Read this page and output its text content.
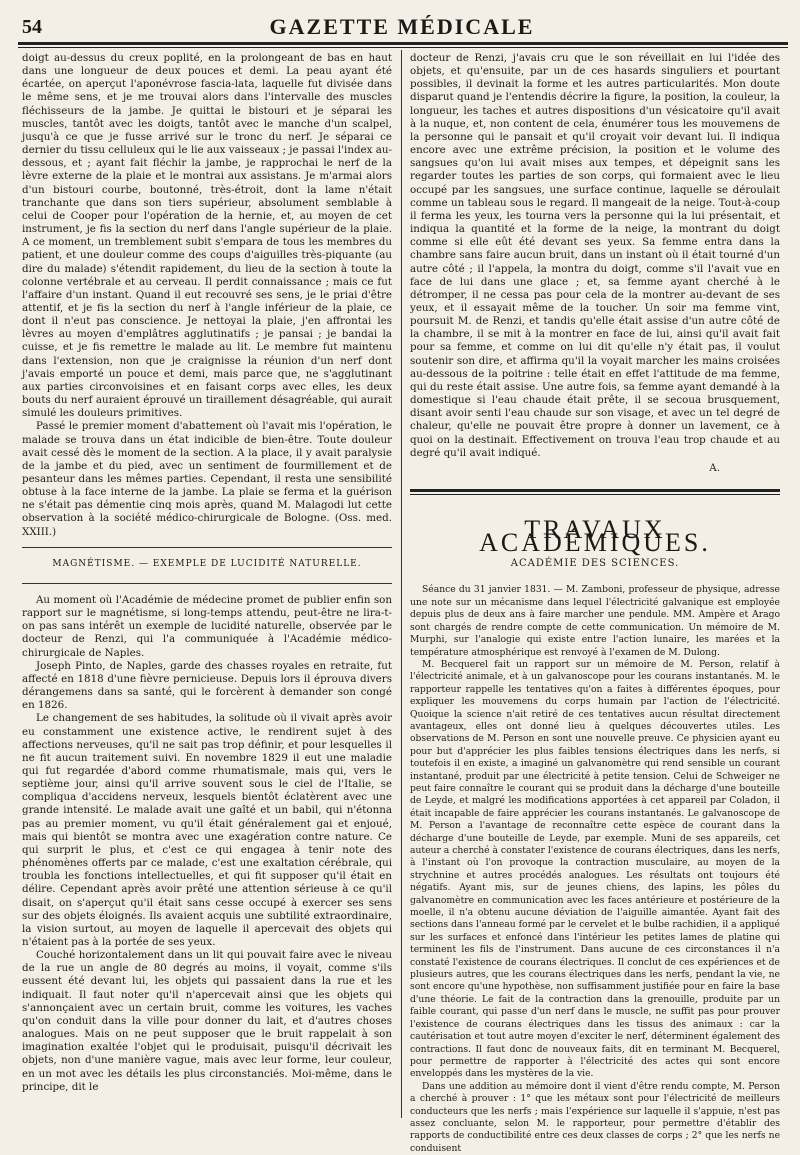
54	GAZETTE MÉDICALE

doigt au-dessus du creux poplité, en la prolongeant de bas en haut dans une longueur de deux pouces et demi. La peau ayant été écartée, on aperçut l'aponévrose fascia-lata, laquelle fut divisée dans le même sens, et je me trouvai alors dans l'intervalle des muscles fléchisseurs de la jambe. Je quittai le bistouri et je séparai les muscles, tantôt avec les doigts, tantôt avec le manche d'un scalpel, jusqu'à ce que je fusse arrivé sur le tronc du nerf. Je séparai ce dernier du tissu celluleux qui le lie aux vaisseaux ; je passai l'index au-dessous, et ; ayant fait fléchir la jambe, je rapprochai le nerf de la lèvre externe de la plaie et le montrai aux assistans. Je m'armai alors d'un bistouri courbe, boutonné, très-étroit, dont la lame n'était tranchante que dans son tiers supérieur, absolument semblable à celui de Cooper pour l'opération de la hernie, et, au moyen de cet instrument, je fis la section du nerf dans l'angle supérieur de la plaie. A ce moment, un tremblement subit s'empara de tous les membres du patient, et une douleur comme des coups d'aiguilles très-piquante (au dire du malade) s'étendit rapidement, du lieu de la section à toute la colonne vertébrale et au cerveau. Il perdit connaissance ; mais ce fut l'affaire d'un instant. Quand il eut recouvré ses sens, je le priai d'être attentif, et je fis la section du nerf à l'angle inférieur de la plaie, ce dont il n'eut pas conscience. Je nettoyai la plaie, j'en affrontai les lèvres au moyen d'emplâtres agglutinatifs ; je pansai ; je bandai la cuisse, et je fis remettre le malade au lit. Le membre fut maintenu dans l'extension, non que je craignisse la réunion d'un nerf dont j'avais emporté un pouce et demi, mais parce que, ne s'agglutinant aux parties circonvoisines et en faisant corps avec elles, les deux bouts du nerf auraient éprouvé un tiraillement désagréable, qui aurait simulé les douleurs primitives.

Passé le premier moment d'abattement où l'avait mis l'opération, le malade se trouva dans un état indicible de bien-être. Toute douleur avait cessé dès le moment de la section. A la place, il y avait paralysie de la jambe et du pied, avec un sentiment de fourmillement et de pesanteur dans les mêmes parties. Cependant, il resta une sensibilité obtuse à la face interne de la jambe. La plaie se ferma et la guérison ne s'était pas démentie cinq mois après, quand M. Malagodi lut cette observation à la société médico-chirurgicale de Bologne. (Oss. med. XXIII.)

MAGNÉTISME. — EXEMPLE DE LUCIDITÉ NATURELLE.

Au moment où l'Académie de médecine promet de publier enfin son rapport sur le magnétisme, si long-temps attendu, peut-être ne lira-t-on pas sans intérêt un exemple de lucidité naturelle, observée par le docteur de Renzi, qui l'a communiquée à l'Académie médico-chirurgicale de Naples.

Joseph Pinto, de Naples, garde des chasses royales en retraite, fut affecté en 1818 d'une fièvre pernicieuse. Depuis lors il éprouva divers dérangemens dans sa santé, qui le forcèrent à demander son congé en 1826.

Le changement de ses habitudes, la solitude où il vivait après avoir eu constamment une existence active, le rendirent sujet à des affections nerveuses, qu'il ne sait pas trop définir, et pour lesquelles il ne fit aucun traitement suivi. En novembre 1829 il eut une maladie qui fut regardée d'abord comme rhumatismale, mais qui, vers le septième jour, ainsi qu'il arrive souvent sous le ciel de l'Italie, se compliqua d'accidens nerveux, lesquels bientôt éclatèrent avec une grande intensité. Le malade avait une gaîté et un babil, qui n'étonna pas au premier moment, vu qu'il était généralement gai et enjoué, mais qui bientôt se montra avec une exagération contre nature. Ce qui surprit le plus, et c'est ce qui engagea à tenir note des phénomènes offerts par ce malade, c'est une exaltation cérébrale, qui troubla les fonctions intellectuelles, et qui fit supposer qu'il était en délire. Cependant après avoir prêté une attention sérieuse à ce qu'il disait, on s'aperçut qu'il était sans cesse occupé à exercer ses sens sur des objets éloignés. Ils avaient acquis une subtilité extraordinaire, la vision surtout, au moyen de laquelle il apercevait des objets qui n'étaient pas à la portée de ses yeux.

Couché horizontalement dans un lit qui pouvait faire avec le niveau de la rue un angle de 80 degrés au moins, il voyait, comme s'ils eussent été devant lui, les objets qui passaient dans la rue et les indiquait. Il faut noter qu'il n'apercevait ainsi que les objets qui s'annonçaient avec un certain bruit, comme les voitures, les vaches qu'on conduit dans la ville pour donner du lait, et d'autres choses analogues. Mais on ne peut supposer que le bruit rappelait à son imagination exaltée l'objet qui le produisait, puisqu'il décrivait les objets, non d'une manière vague, mais avec leur forme, leur couleur, en un mot avec les détails les plus circonstanciés. Moi-même, dans le principe, dit le

docteur de Renzi, j'avais cru que le son réveillait en lui l'idée des objets, et qu'ensuite, par un de ces hasards singuliers et pourtant possibles, il devinait la forme et les autres particularités. Mon doute disparut quand je l'entendis décrire la figure, la position, la couleur, la longueur, les taches et autres dispositions d'un vésicatoire qu'il avait à la nuque, et, non content de cela, énumérer tous les mouvemens de la personne qui le pansait et qu'il croyait voir devant lui. Il indiqua encore avec une extrême précision, la position et le volume des sangsues qu'on lui avait mises aux tempes, et dépeignit sans les regarder toutes les parties de son corps, qui formaient avec le lieu occupé par les sangsues, une surface continue, laquelle se déroulait comme un tableau sous le regard. Il mangeait de la neige. Tout-à-coup il ferma les yeux, les tourna vers la personne qui la lui présentait, et indiqua la quantité et la forme de la neige, la montrant du doigt comme si elle eût été devant ses yeux. Sa femme entra dans la chambre sans faire aucun bruit, dans un instant où il était tourné d'un autre côté ; il l'appela, la montra du doigt, comme s'il l'avait vue en face de lui dans une glace ; et, sa femme ayant cherché à le détromper, il ne cessa pas pour cela de la montrer au-devant de ses yeux, et il essayait même de la toucher. Un soir ma femme vint, poursuit M. de Renzi, et tandis qu'elle était assise d'un autre côté de la chambre, il se mit à la montrer en face de lui, ainsi qu'il avait fait pour sa femme, et comme on lui dit qu'elle n'y était pas, il voulut soutenir son dire, et affirma qu'il la voyait marcher les mains croisées au-dessous de la poitrine : telle était en effet l'attitude de ma femme, qui du reste était assise. Une autre fois, sa femme ayant demandé à la domestique si l'eau chaude était prête, il se secoua brusquement, disant avoir senti l'eau chaude sur son visage, et avec un tel degré de chaleur, qu'elle ne pouvait être propre à donner un lavement, ce à quoi on la destinait. Effectivement on trouva l'eau trop chaude et au degré qu'il avait indiqué.

A.

TRAVAUX ACADÉMIQUES.
ACADÉMIE DES SCIENCES.

Séance du 31 janvier 1831. — M. Zamboni, professeur de physique, adresse une note sur un mécanisme dans lequel l'électricité galvanique est employée depuis plus de deux ans à faire marcher une pendule. MM. Ampère et Arago sont chargés de rendre compte de cette communication. Un mémoire de M. Murphi, sur l'analogie qui existe entre l'action lunaire, les marées et la température atmosphérique est renvoyé à l'examen de M. Dulong.

M. Becquerel fait un rapport sur un mémoire de M. Person, relatif à l'électricité animale, et à un galvanoscope pour les courans instantanés. M. le rapporteur rappelle les tentatives qu'on a faites à différentes époques, pour expliquer les mouvemens du corps humain par l'action de l'électricité. Quoique la science n'ait retiré de ces tentatives aucun résultat directement avantageux, elles ont donné lieu à quelques découvertes utiles. Les observations de M. Person en sont une nouvelle preuve. Ce physicien ayant eu pour but d'apprécier les plus faibles tensions électriques dans les nerfs, si toutefois il en existe, a imaginé un galvanomètre qui rend sensible un courant instantané, produit par une électricité à petite tension. Celui de Schweiger ne peut faire connaître le courant qui se produit dans la décharge d'une bouteille de Leyde, et malgré les modifications apportées à cet appareil par Coladon, il était incapable de faire apprécier les courans instantanés. Le galvanoscope de M. Person a l'avantage de reconnaître cette espèce de courant dans la décharge d'une bouteille de Leyde, par exemple. Muni de ses appareils, cet auteur a cherché à constater l'existence de courans électriques, dans les nerfs, à l'instant où l'on provoque la contraction musculaire, au moyen de la strychnine et autres procédés analogues. Les résultats ont toujours été négatifs. Ayant mis, sur de jeunes chiens, des lapins, les pôles du galvanomètre en communication avec les faces antérieure et postérieure de la moelle, il n'a obtenu aucune déviation de l'aiguille aimantée. Ayant fait des sections dans l'anneau formé par le cervelet et le bulbe rachidien, il a appliqué sur les surfaces et enfoncé dans l'intérieur les petites lames de platine qui terminent les fils de l'instrument. Dans aucune de ces circonstances il n'a constaté l'existence de courans électriques. Il conclut de ces expériences et de plusieurs autres, que les courans électriques dans les nerfs, pendant la vie, ne sont encore qu'une hypothèse, non suffisamment justifiée pour en faire la base d'une théorie. Le fait de la contraction dans la grenouille, produite par un faible courant, qui passe d'un nerf dans le muscle, ne suffit pas pour prouver l'existence de courans électriques dans les tissus des animaux : car la cautérisation et tout autre moyen d'exciter le nerf, déterminent également des contractions. Il faut donc de nouveaux faits, dit en terminant M. Becquerel, pour permettre de rapporter à l'électricité des actes qui sont encore enveloppés dans les mystères de la vie.

Dans une addition au mémoire dont il vient d'être rendu compte, M. Person a cherché à prouver : 1° que les métaux sont pour l'électricité de meilleurs conducteurs que les nerfs ; mais l'expérience sur laquelle il s'appuie, n'est pas assez concluante, selon M. le rapporteur, pour permettre d'établir des rapports de conductibilité entre ces deux classes de corps ; 2° que les nerfs ne conduisent
